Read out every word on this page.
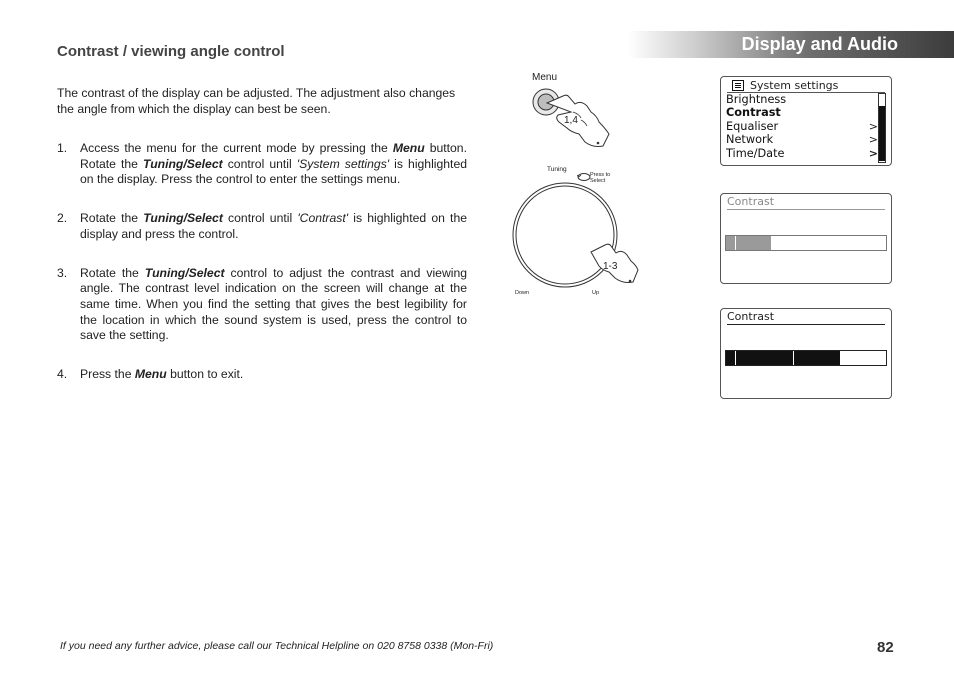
Display and Audio
Contrast / viewing angle control
The contrast of the display can be adjusted. The adjustment also changes the angle from which the display can best be seen.
1. Access the menu for the current mode by pressing the Menu button. Rotate the Tuning/Select control until 'System settings' is highlighted on the display. Press the control to enter the settings menu.
2. Rotate the Tuning/Select control until 'Contrast' is highlighted on the display and press the control.
3. Rotate the Tuning/Select control to adjust the contrast and viewing angle. The contrast level indication on the screen will change at the same time. When you find the setting that gives the best legibility for the location in which the sound system is used, press the control to save the setting.
4. Press the Menu button to exit.
Menu
1,4
Tuning
Press to
Select
1-3
Down	Up
System settings
Brightness
Contrast
Equaliser
Network
Time/Date
>
>
>
Contrast
Contrast
If you need any further advice, please call our Technical Helpline on 020 8758 0338 (Mon-Fri)	82
